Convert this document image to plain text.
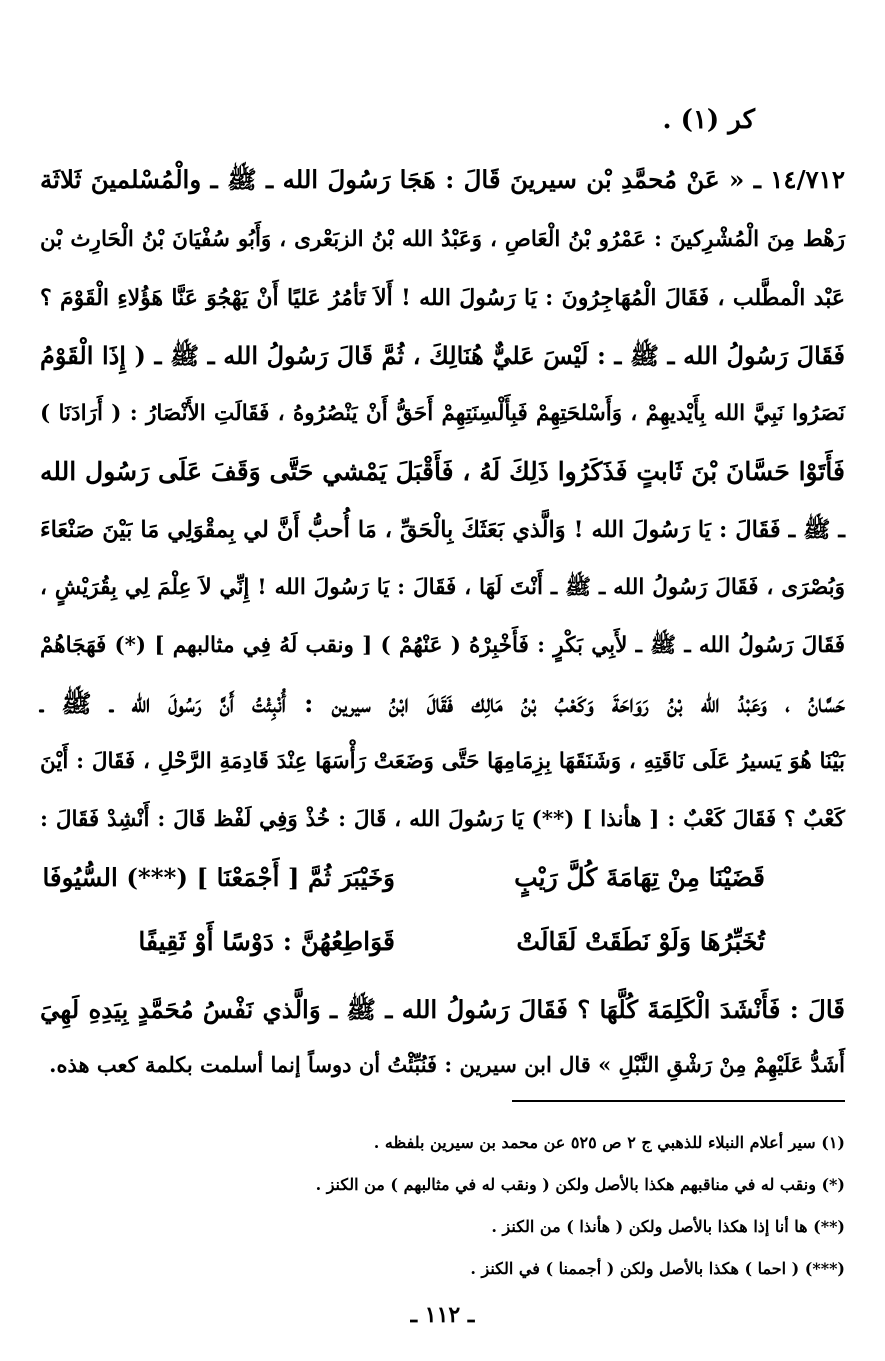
كر (١) .
١٤/٧١٢ ـ « عَنْ مُحمَّدِ بْن سيرينَ قَالَ : هَجَا رَسُولَ الله ـ ﷺ ـ والْمُسْلمينَ ثَلاثَة
رَهْط مِنَ الْمُشْرِكينَ : عَمْرُو بْنُ الْعَاصِ ، وَعَبْدُ الله بْنُ الزبَعْرى ، وَأَبُو سُفْيَانَ بْنُ الْحَارِث بْن
عَبْد الْمطَّلب ، فَقَالَ الْمُهَاجِرُونَ : يَا رَسُولَ الله ! أَلاَ تَأمُرُ عَليًا أَنْ يَهْجُوَ عَنَّا هَؤُلاءِ الْقَوْمَ ؟
فَقَالَ رَسُولُ الله ـ ﷺ ـ : لَيْسَ عَليٌّ هُنَالِكَ ، ثُمَّ قَالَ رَسُولُ الله ـ ﷺ ـ ( إِذَا الْقَوْمُ
نَصَرُوا نَبِيَّ الله بِأَيْديهِمْ ، وَأَسْلحَتِهِمْ فَبِأَلْسِنَتِهِمْ أَحَقُّ أَنْ يَنْصُرُوهُ ، فَقَالَتِ الأَنْصَارُ : ( أَرَادَنَا )
فَأَتَوْا حَسَّانَ بْنَ ثَابتٍ فَذَكَرُوا ذَلِكَ لَهُ ، فَأَقْبَلَ يَمْشي حَتَّى وَقَفَ عَلَى رَسُول الله
ـ ﷺ ـ فَقَالَ : يَا رَسُولَ الله ! وَالَّذي بَعَثَكَ بِالْحَقِّ ، مَا أُحبُّ أَنَّ لي بِمقْوَلِي مَا بَيْنَ صَنْعَاءَ
وَبُصْرَى ، فَقَالَ رَسُولُ الله ـ ﷺ ـ أَنْتَ لَهَا ، فَقَالَ : يَا رَسُولَ الله ! إِنِّي لاَ عِلْمَ لِي بِقُرَيْشٍ ،
فَقَالَ رَسُولُ الله ـ ﷺ ـ لأَبِي بَكْرٍ : فَأَخْبِرْهُ ( عَنْهُمْ ) [ ونقب لَهُ فِي مثالبهم ] (*) فَهَجَاهُمْ
حَسَّانُ ، وَعَبْدُ الله بْنُ رَوَاحَةَ وَكَعْبُ بْنُ مَالِك فَقَالَ ابْنُ سيرين : أُنْبِئْتُ أَنَّ رَسُولَ الله ـ ﷺ ـ
بَيْنَا هُوَ يَسيرُ عَلَى نَاقَتِهِ ، وَشَنَقَهَا بِزِمَامِهَا حَتَّى وَضَعَتْ رَأْسَهَا عِنْدَ قَادِمَةِ الرَّحْلِ ، فَقَالَ : أَيْنَ
كَعْبٌ ؟ فَقَالَ كَعْبٌ : [ هأنذا ] (**) يَا رَسُولَ الله ، قَالَ : خُذْ وَفِي لَفْظ قَالَ : أَنْشِدْ فَقَالَ :
قَضَيْنَا مِنْ تِهَامَةَ كُلَّ رَيْبٍ
وَخَيْبَرَ ثُمَّ [ أَجْمَعْنَا ] (***) السُّيُوفَا
تُخَبِّرُهَا وَلَوْ نَطَقَتْ لَقَالَتْ
قَوَاطِعُهُنَّ : دَوْسًا أَوْ ثَقِيفًا
قَالَ : فَأَنْشَدَ الْكَلِمَةَ كُلَّهَا ؟ فَقَالَ رَسُولُ الله ـ ﷺ ـ وَالَّذي نَفْسُ مُحَمَّدٍ بِيَدِهِ لَهِيَ
أَشَدُّ عَلَيْهِمْ مِنْ رَشْقِ النَّبْلِ » قال ابن سيرين : فَنُبِّئْتُ أن دوساً إنما أسلمت بكلمة كعب هذه.
(١) سير أعلام النبلاء للذهبي ج ٢ ص ٥٢٥ عن محمد بن سيرين بلفظه .
(*) ونقب له في مناقبهم هكذا بالأصل ولكن ( ونقب له في مثالبهم ) من الكنز .
(**) ها أنا إذا هكذا بالأصل ولكن ( هأنذا ) من الكنز .
(***) ( احما ) هكذا بالأصل ولكن ( أجممنا ) في الكنز .
ـ ١١٢ ـ
